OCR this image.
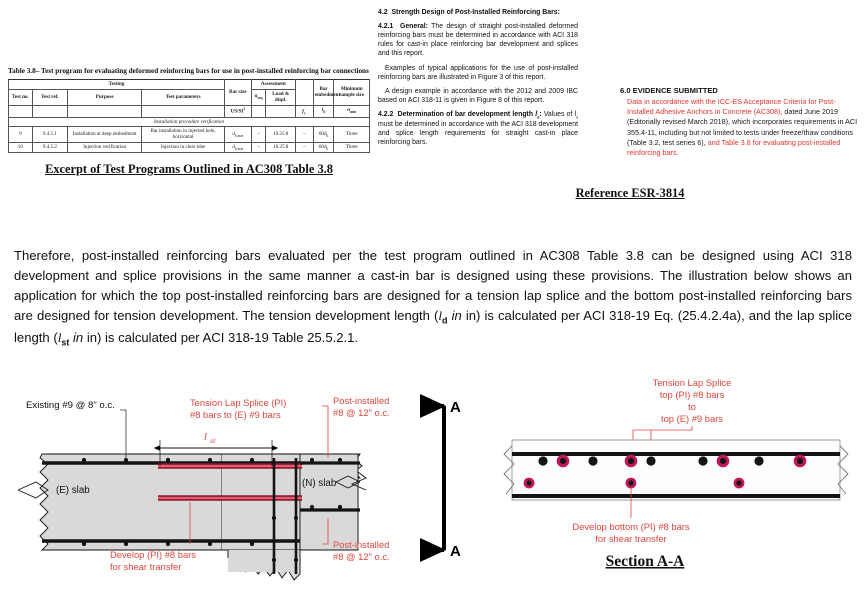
Table 3.8– Test program for evaluating deformed reinforcing bars for use in post-installed reinforcing bar connections
Testing				Bar size	Assessment			Bar embedment	Minimum sample size
Test no.	Test ref.	Purpose	Test parameters		$\alpha_{seq}$	Load & displ.			
				$US/SI^1$			$f_c'$	$l_b$	$n_{min}$
Installation procedure verification									
9	9.4.5.1	Installation at deep embedment	Bar installation in injected hole, horizontal	$d_{b,min}$	–	10.25.8	–	$60d_b$	Three
10	9.4.5.2	Injection verification	Injection in clear tube	$d_{b,min}$	–	10.25.8	–	$60d_b$	Three
Excerpt of Test Programs Outlined in AC308 Table 3.8

4.2 Strength Design of Post-Installed Reinforcing Bars:

4.2.1 General: The design of straight post-installed deformed reinforcing bars must be determined in accordance with ACI 318 rules for cast-in place reinforcing bar development and splices and this report.

Examples of typical applications for the use of post-installed reinforcing bars are illustrated in Figure 3 of this report.

A design example in accordance with the 2012 and 2009 IBC based on ACI 318-11 is given in Figure 8 of this report.

4.2.2 Determination of bar development length $l_d$: Values of $l_d$ must be determined in accordance with the ACI 318 development and splice length requirements for straight cast-in place reinforcing bars.

6.0 EVIDENCE SUBMITTED
Data in accordance with the ICC-ES Acceptance Criteria for Post-Installed Adhesive Anchors in Concrete (AC308), dated June 2019 (Editorially revised March 2018), which incorporates requirements in ACI 355.4-11, including but not limited to tests under freeze/thaw conditions (Table 3.2, test series 6), and Table 3.8 for evaluating post-installed reinforcing bars.
Reference ESR-3814
Therefore, post-installed reinforcing bars evaluated per the test program outlined in AC308 Table 3.8 can be designed using ACI 318 development and splice provisions in the same manner a cast-in bar is designed using these provisions. The illustration below shows an application for which the top post-installed reinforcing bars are designed for a tension lap splice and the bottom post-installed reinforcing bars are designed for tension development. The tension development length ($l_d$ in in) is calculated per ACI 318-19 Eq. (25.4.2.4a), and the lap splice length ($l_{st}$ in in) is calculated per ACI 318-19 Table 25.5.2.1.
Existing #9 @ 8" o.c.	Tension Lap Splice (PI)
#8 bars to (E) #9 bars
l st
Post-installed
#8 @ 12" o.c.
Post-installed
#8 @ 12" o.c.
(E) slab
(N) slab
Develop (PI) #8 bars
for shear transfer
A
A
Tension Lap Splice
top (PI) #8 bars
to
top (E) #9 bars
Develop bottom (PI) #8 bars
for shear transfer
Section A-A
